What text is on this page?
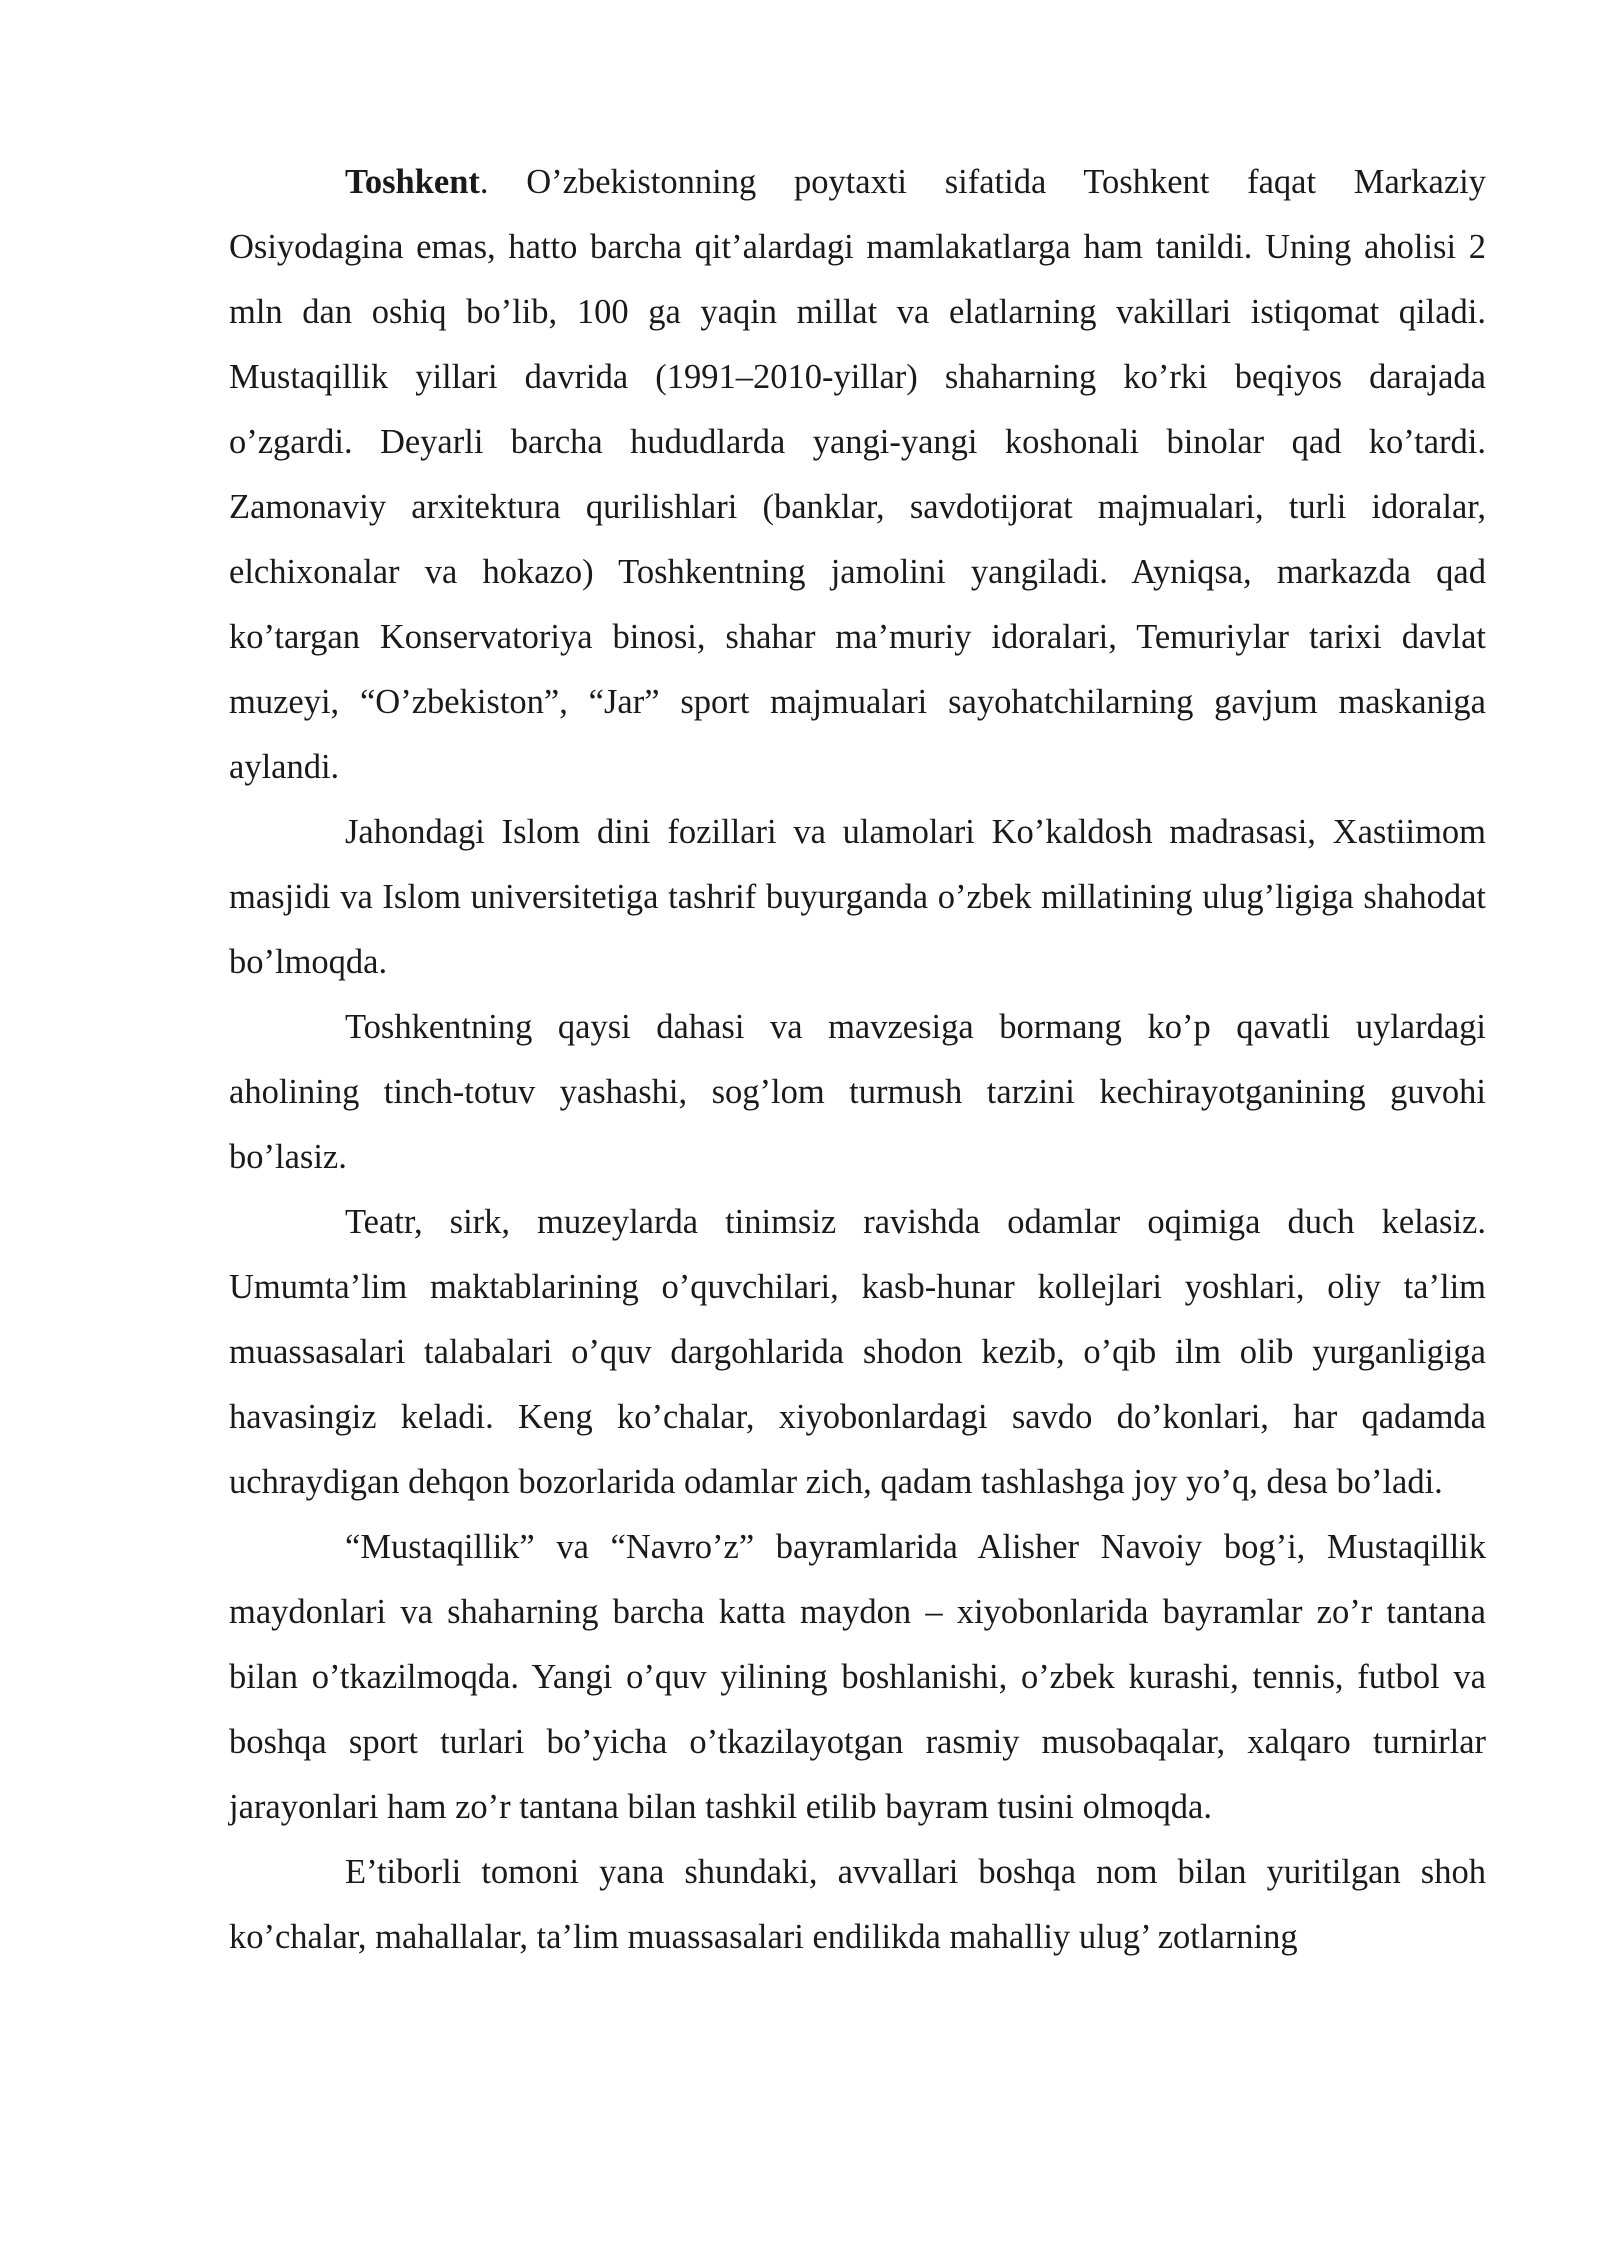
Toshkent. O’zbekistonning poytaxti sifatida Toshkent faqat Markaziy Osiyodagina emas, hatto barcha qit’alardagi mamlakatlarga ham tanildi. Uning aholisi 2 mln dan oshiq bo’lib, 100 ga yaqin millat va elatlarning vakillari istiqomat qiladi. Mustaqillik yillari davrida (1991–2010-yillar) shaharning ko’rki beqiyos darajada o’zgardi. Deyarli barcha hududlarda yangi-yangi koshonali binolar qad ko’tardi. Zamonaviy arxitektura qurilishlari (banklar, savdotijorat majmualari, turli idoralar, elchixonalar va hokazo) Toshkentning jamolini yangiladi. Ayniqsa, markazda qad ko’targan Konservatoriya binosi, shahar ma’muriy idoralari, Temuriylar tarixi davlat muzeyi, “O’zbekiston”, “Jar” sport majmualari sayohatchilarning gavjum maskaniga aylandi.

Jahondagi Islom dini fozillari va ulamolari Ko’kaldosh madrasasi, Xastiimom masjidi va Islom universitetiga tashrif buyurganda o’zbek millatining ulug’ligiga shahodat bo’lmoqda.

Toshkentning qaysi dahasi va mavzesiga bormang ko’p qavatli uylardagi aholining tinch-totuv yashashi, sog’lom turmush tarzini kechirayotganining guvohi bo’lasiz.

Teatr, sirk, muzeylarda tinimsiz ravishda odamlar oqimiga duch kelasiz. Umumta’lim maktablarining o’quvchilari, kasb-hunar kollejlari yoshlari, oliy ta’lim muassasalari talabalari o’quv dargohlarida shodon kezib, o’qib ilm olib yurganligiga havasingiz keladi. Keng ko’chalar, xiyobonlardagi savdo do’konlari, har qadamda uchraydigan dehqon bozorlarida odamlar zich, qadam tashlashga joy yo’q, desa bo’ladi.

“Mustaqillik” va “Navro’z” bayramlarida Alisher Navoiy bog’i, Mustaqillik maydonlari va shaharning barcha katta maydon – xiyobonlarida bayramlar zo’r tantana bilan o’tkazilmoqda. Yangi o’quv yilining boshlanishi, o’zbek kurashi, tennis, futbol va boshqa sport turlari bo’yicha o’tkazilayotgan rasmiy musobaqalar, xalqaro turnirlar jarayonlari ham zo’r tantana bilan tashkil etilib bayram tusini olmoqda.

E’tiborli tomoni yana shundaki, avvallari boshqa nom bilan yuritilgan shoh ko’chalar, mahallalar, ta’lim muassasalari endilikda mahalliy ulug’ zotlarning
